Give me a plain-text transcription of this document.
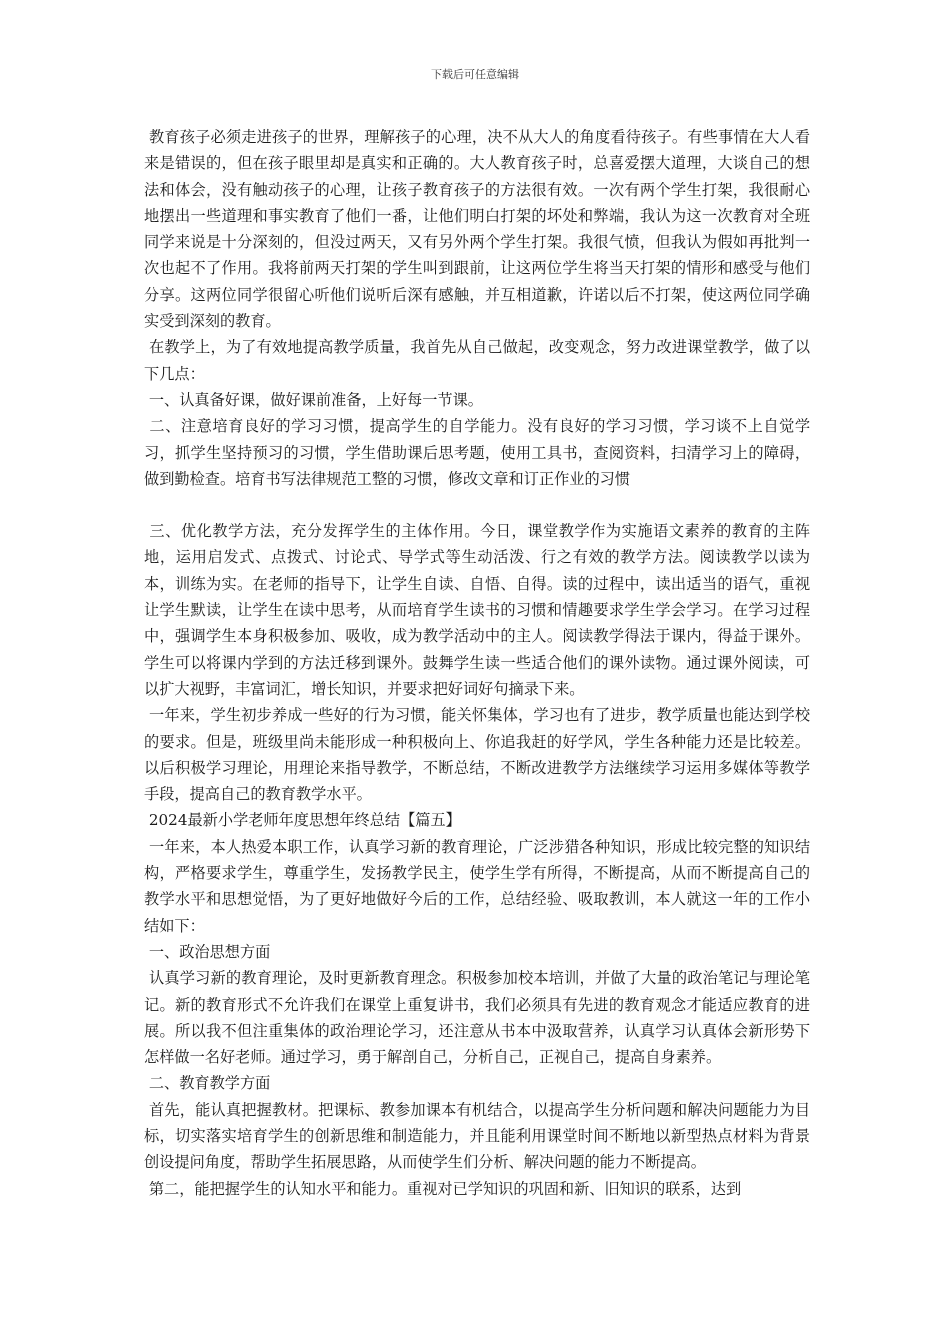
下载后可任意编辑

教育孩子必须走进孩子的世界，理解孩子的心理，决不从大人的角度看待孩子。有些事情在大人看来是错误的，但在孩子眼里却是真实和正确的。大人教育孩子时，总喜爱摆大道理，大谈自己的想法和体会，没有触动孩子的心理，让孩子教育孩子的方法很有效。一次有两个学生打架，我很耐心地摆出一些道理和事实教育了他们一番，让他们明白打架的坏处和弊端，我认为这一次教育对全班同学来说是十分深刻的，但没过两天，又有另外两个学生打架。我很气愤，但我认为假如再批判一次也起不了作用。我将前两天打架的学生叫到跟前，让这两位学生将当天打架的情形和感受与他们分享。这两位同学很留心听他们说听后深有感触，并互相道歉，许诺以后不打架，使这两位同学确实受到深刻的教育。

在教学上，为了有效地提高教学质量，我首先从自己做起，改变观念，努力改进课堂教学，做了以下几点：

一、认真备好课，做好课前准备，上好每一节课。

二、注意培育良好的学习习惯，提高学生的自学能力。没有良好的学习习惯，学习谈不上自觉学习，抓学生坚持预习的习惯，学生借助课后思考题，使用工具书，查阅资料，扫清学习上的障碍，做到勤检查。培育书写法律规范工整的习惯，修改文章和订正作业的习惯

三、优化教学方法，充分发挥学生的主体作用。今日，课堂教学作为实施语文素养的教育的主阵地，运用启发式、点拨式、讨论式、导学式等生动活泼、行之有效的教学方法。阅读教学以读为本，训练为实。在老师的指导下，让学生自读、自悟、自得。读的过程中，读出适当的语气，重视让学生默读，让学生在读中思考，从而培育学生读书的习惯和情趣要求学生学会学习。在学习过程中，强调学生本身积极参加、吸收，成为教学活动中的主人。阅读教学得法于课内，得益于课外。学生可以将课内学到的方法迁移到课外。鼓舞学生读一些适合他们的课外读物。通过课外阅读，可以扩大视野，丰富词汇，增长知识，并要求把好词好句摘录下来。

一年来，学生初步养成一些好的行为习惯，能关怀集体，学习也有了进步，教学质量也能达到学校的要求。但是，班级里尚未能形成一种积极向上、你追我赶的好学风，学生各种能力还是比较差。以后积极学习理论，用理论来指导教学，不断总结，不断改进教学方法继续学习运用多媒体等教学手段，提高自己的教育教学水平。

2024最新小学老师年度思想年终总结【篇五】

一年来，本人热爱本职工作，认真学习新的教育理论，广泛涉猎各种知识，形成比较完整的知识结构，严格要求学生，尊重学生，发扬教学民主，使学生学有所得，不断提高，从而不断提高自己的教学水平和思想觉悟，为了更好地做好今后的工作，总结经验、吸取教训，本人就这一年的工作小结如下：

一、政治思想方面

认真学习新的教育理论，及时更新教育理念。积极参加校本培训，并做了大量的政治笔记与理论笔记。新的教育形式不允许我们在课堂上重复讲书，我们必须具有先进的教育观念才能适应教育的进展。所以我不但注重集体的政治理论学习，还注意从书本中汲取营养，认真学习认真体会新形势下怎样做一名好老师。通过学习，勇于解剖自己，分析自己，正视自己，提高自身素养。

二、教育教学方面

首先，能认真把握教材。把课标、教参加课本有机结合，以提高学生分析问题和解决问题能力为目标，切实落实培育学生的创新思维和制造能力，并且能利用课堂时间不断地以新型热点材料为背景创设提问角度，帮助学生拓展思路，从而使学生们分析、解决问题的能力不断提高。

第二，能把握学生的认知水平和能力。重视对已学知识的巩固和新、旧知识的联系，达到
